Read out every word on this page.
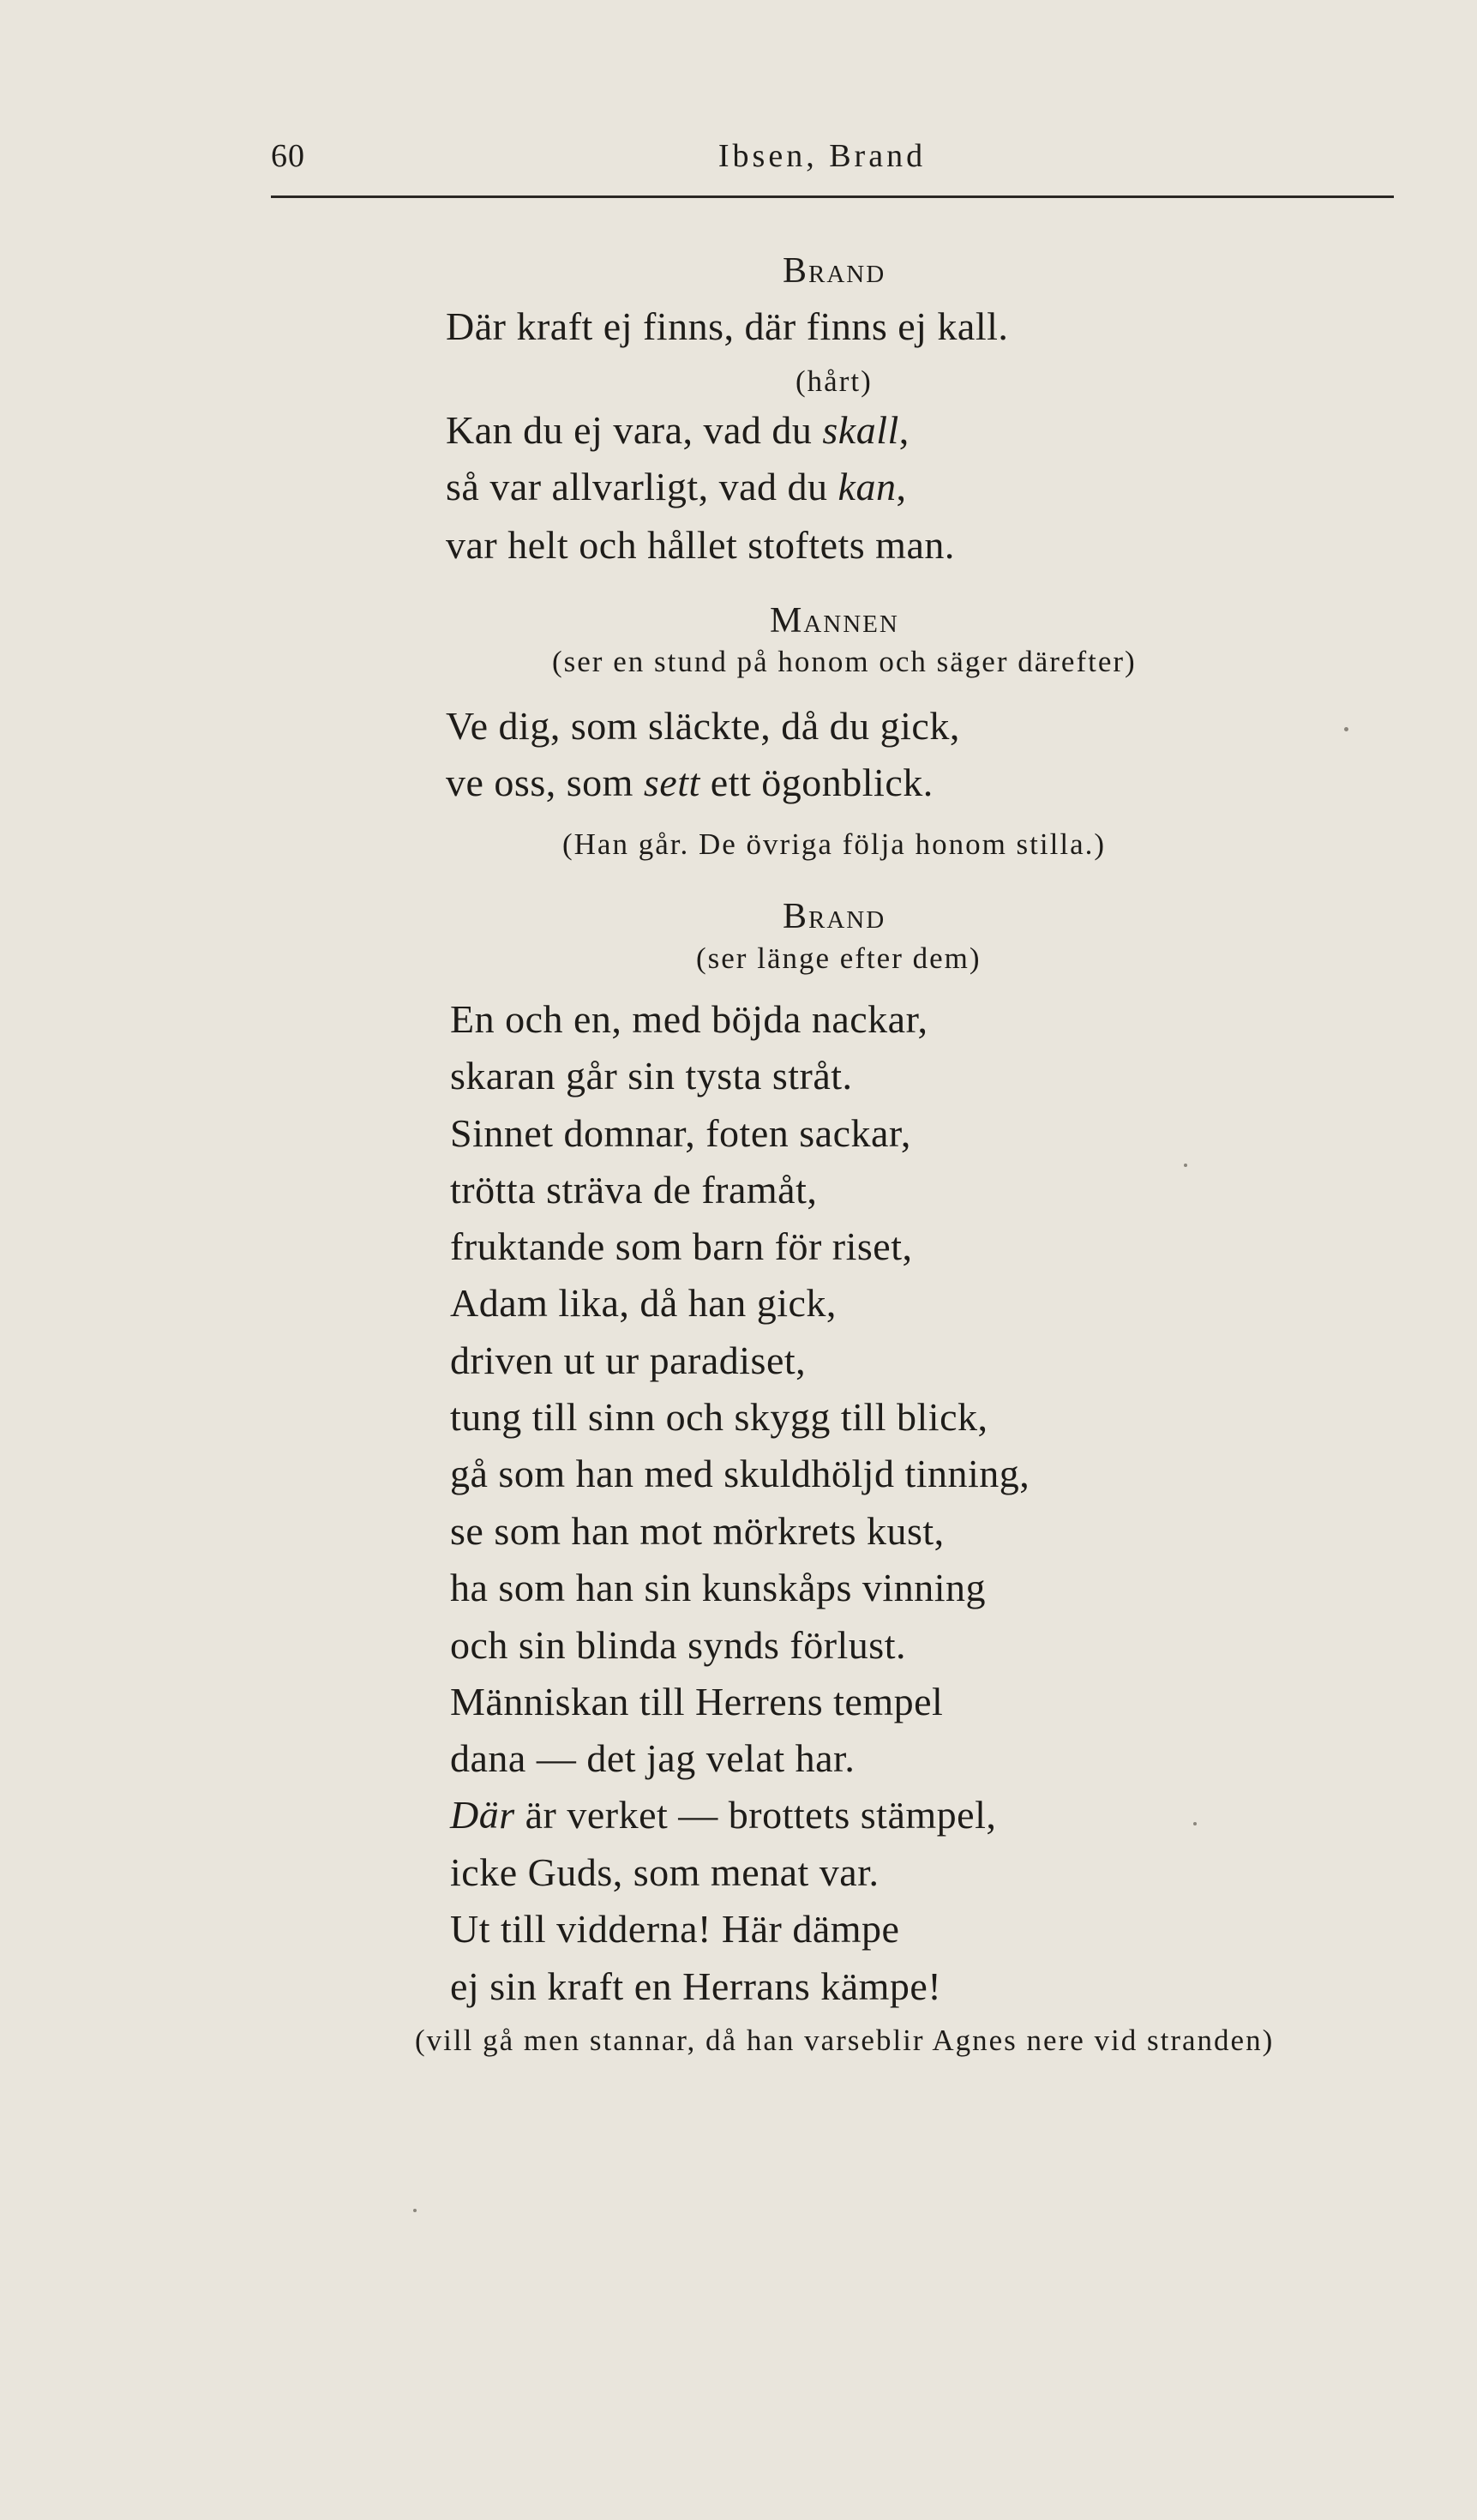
60	Ibsen, Brand
Brand
Där kraft ej finns, där finns ej kall.
(hårt)
Kan du ej vara, vad du skall,
så var allvarligt, vad du kan,
var helt och hållet stoftets man.
Mannen
(ser en stund på honom och säger därefter)
Ve dig, som släckte, då du gick,
ve oss, som sett ett ögonblick.
(Han går. De övriga följa honom stilla.)
Brand
(ser länge efter dem)
En och en, med böjda nackar,
skaran går sin tysta stråt.
Sinnet domnar, foten sackar,
trötta sträva de framåt,
fruktande som barn för riset,
Adam lika, då han gick,
driven ut ur paradiset,
tung till sinn och skygg till blick,
gå som han med skuldhöljd tinning,
se som han mot mörkrets kust,
ha som han sin kunskåps vinning
och sin blinda synds förlust.
Människan till Herrens tempel
dana — det jag velat har.
Där är verket — brottets stämpel,
icke Guds, som menat var.
Ut till vidderna! Här dämpe
ej sin kraft en Herrans kämpe!
(vill gå men stannar, då han varseblir Agnes nere vid stranden)
